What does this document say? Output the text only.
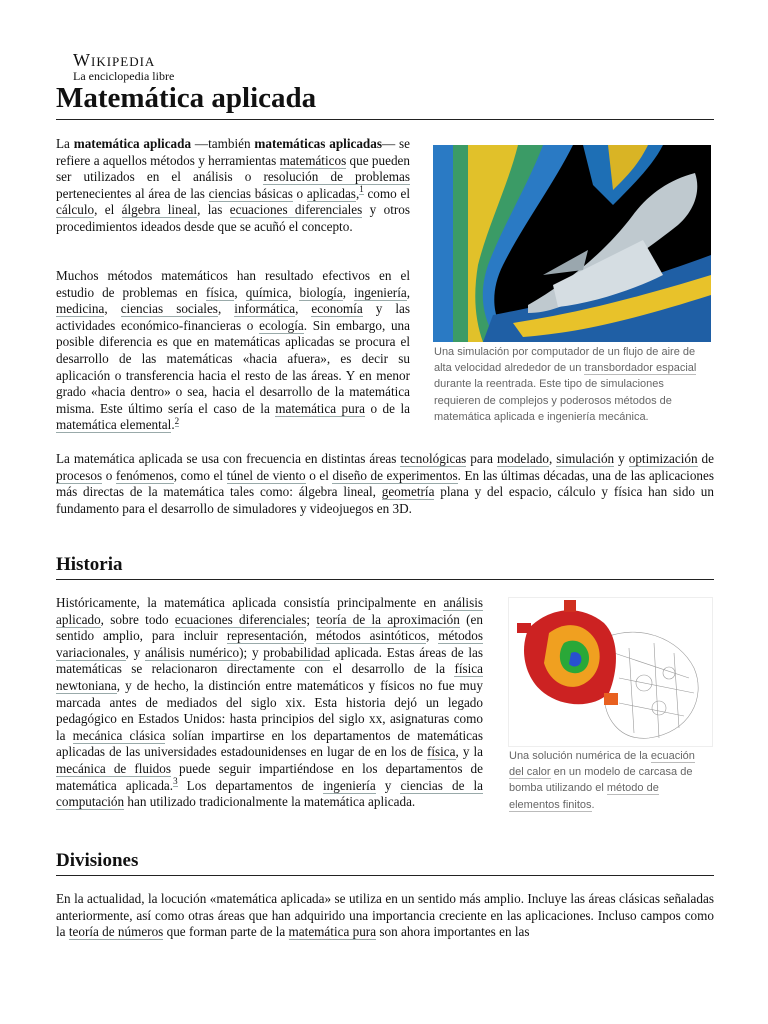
Wikipedia
La enciclopedia libre
Matemática aplicada

La matemática aplicada —también matemáticas aplicadas— se refiere a aquellos métodos y herramientas matemáticos que pueden ser utilizados en el análisis o resolución de problemas pertenecientes al área de las ciencias básicas o aplicadas,$^1$ como el cálculo, el álgebra lineal, las ecuaciones diferenciales y otros procedimientos ideados desde que se acuñó el concepto.

Muchos métodos matemáticos han resultado efectivos en el estudio de problemas en física, química, biología, ingeniería, medicina, ciencias sociales, informática, economía y las actividades económico-financieras o ecología. Sin embargo, una posible diferencia es que en matemáticas aplicadas se procura el desarrollo de las matemáticas «hacia afuera», es decir su aplicación o transferencia hacia el resto de las áreas. Y en menor grado «hacia dentro» o sea, hacia el desarrollo de la matemática misma. Este último sería el caso de la matemática pura o de la matemática elemental.$^2$

Una simulación por computador de un flujo de aire de alta velocidad alrededor de un transbordador espacial durante la reentrada. Este tipo de simulaciones requieren de complejos y poderosos métodos de matemática aplicada e ingeniería mecánica.

La matemática aplicada se usa con frecuencia en distintas áreas tecnológicas para modelado, simulación y optimización de procesos o fenómenos, como el túnel de viento o el diseño de experimentos. En las últimas décadas, una de las aplicaciones más directas de la matemática tales como: álgebra lineal, geometría plana y del espacio, cálculo y física han sido un fundamento para el desarrollo de simuladores y videojuegos en 3D.

Historia

Históricamente, la matemática aplicada consistía principalmente en análisis aplicado, sobre todo ecuaciones diferenciales; teoría de la aproximación (en sentido amplio, para incluir representación, métodos asintóticos, métodos variacionales, y análisis numérico); y probabilidad aplicada. Estas áreas de las matemáticas se relacionaron directamente con el desarrollo de la física newtoniana, y de hecho, la distinción entre matemáticos y físicos no fue muy marcada antes de mediados del siglo xix. Esta historia dejó un legado pedagógico en Estados Unidos: hasta principios del siglo xx, asignaturas como la mecánica clásica solían impartirse en los departamentos de matemáticas aplicadas de las universidades estadounidenses en lugar de en los de física, y la mecánica de fluidos puede seguir impartiéndose en los departamentos de matemática aplicada.$^3$ Los departamentos de ingeniería y ciencias de la computación han utilizado tradicionalmente la matemática aplicada.

Una solución numérica de la ecuación del calor en un modelo de carcasa de bomba utilizando el método de elementos finitos.
Divisiones

En la actualidad, la locución «matemática aplicada» se utiliza en un sentido más amplio. Incluye las áreas clásicas señaladas anteriormente, así como otras áreas que han adquirido una importancia creciente en las aplicaciones. Incluso campos como la teoría de números que forman parte de la matemática pura son ahora importantes en las
